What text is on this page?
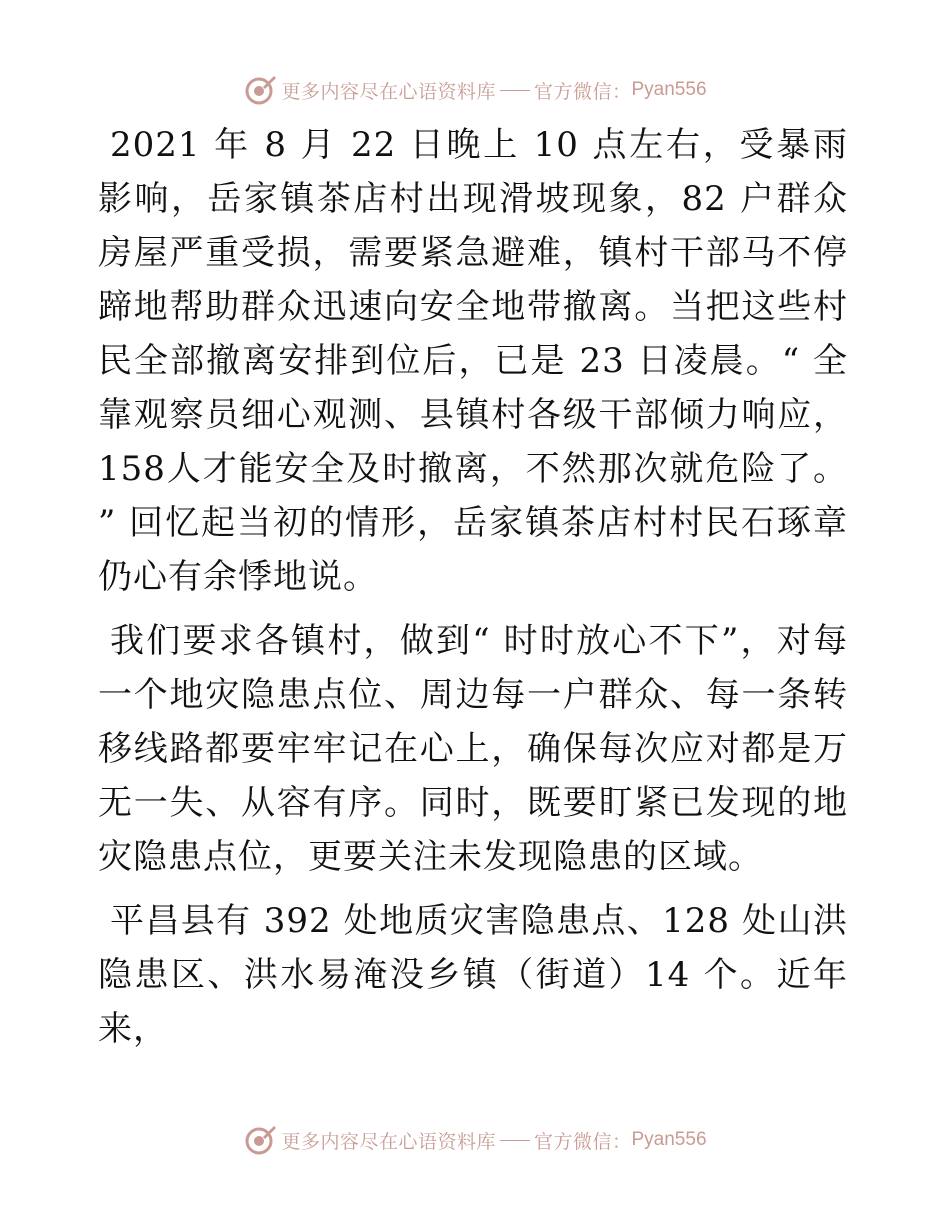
更多内容尽在心语资料库 官方微信： Pyan556

2021 年 8 月 22 日晚上 10 点左右，受暴雨影响，岳家镇茶店村出现滑坡现象，82 户群众房屋严重受损，需要紧急避难，镇村干部马不停蹄地帮助群众迅速向安全地带撤离。当把这些村民全部撤离安排到位后，已是 23 日凌晨。“ 全靠观察员细心观测、县镇村各级干部倾力响应，158人才能安全及时撤离，不然那次就危险了。 ” 回忆起当初的情形，岳家镇茶店村村民石琢章仍心有余悸地说。

我们要求各镇村，做到“ 时时放心不下”，对每一个地灾隐患点位、周边每一户群众、每一条转移线路都要牢牢记在心上，确保每次应对都是万无一失、从容有序。同时，既要盯紧已发现的地灾隐患点位，更要关注未发现隐患的区域。

平昌县有 392 处地质灾害隐患点、128 处山洪隐患区、洪水易淹没乡镇（街道）14 个。近年来，

更多内容尽在心语资料库 官方微信： Pyan556
